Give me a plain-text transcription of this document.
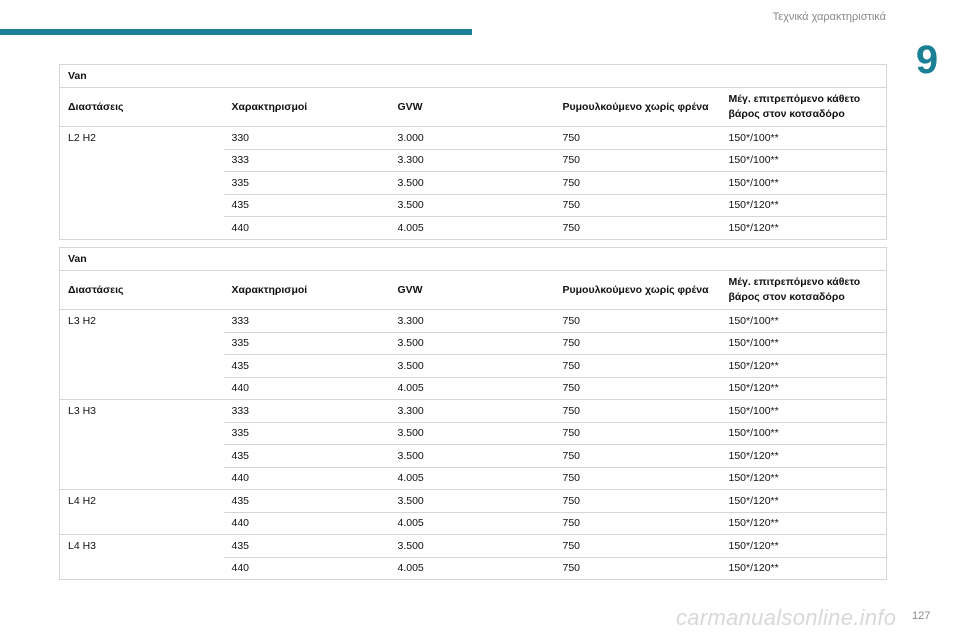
Τεχνικά χαρακτηριστικά
9
Van				
Διαστάσεις	Χαρακτηρισμοί	GVW	Ρυμουλκούμενο χωρίς φρένα	Μέγ. επιτρεπόμενο κάθετο βάρος στον κοτσαδόρο
L2 H2	330	3.000	750	150*/100**
	333	3.300	750	150*/100**
	335	3.500	750	150*/100**
	435	3.500	750	150*/120**
	440	4.005	750	150*/120**
Van				
Διαστάσεις	Χαρακτηρισμοί	GVW	Ρυμουλκούμενο χωρίς φρένα	Μέγ. επιτρεπόμενο κάθετο βάρος στον κοτσαδόρο
L3 H2	333	3.300	750	150*/100**
	335	3.500	750	150*/100**
	435	3.500	750	150*/120**
	440	4.005	750	150*/120**
L3 H3	333	3.300	750	150*/100**
	335	3.500	750	150*/100**
	435	3.500	750	150*/120**
	440	4.005	750	150*/120**
L4 H2	435	3.500	750	150*/120**
	440	4.005	750	150*/120**
L4 H3	435	3.500	750	150*/120**
	440	4.005	750	150*/120**
carmanualsonline.info 127
